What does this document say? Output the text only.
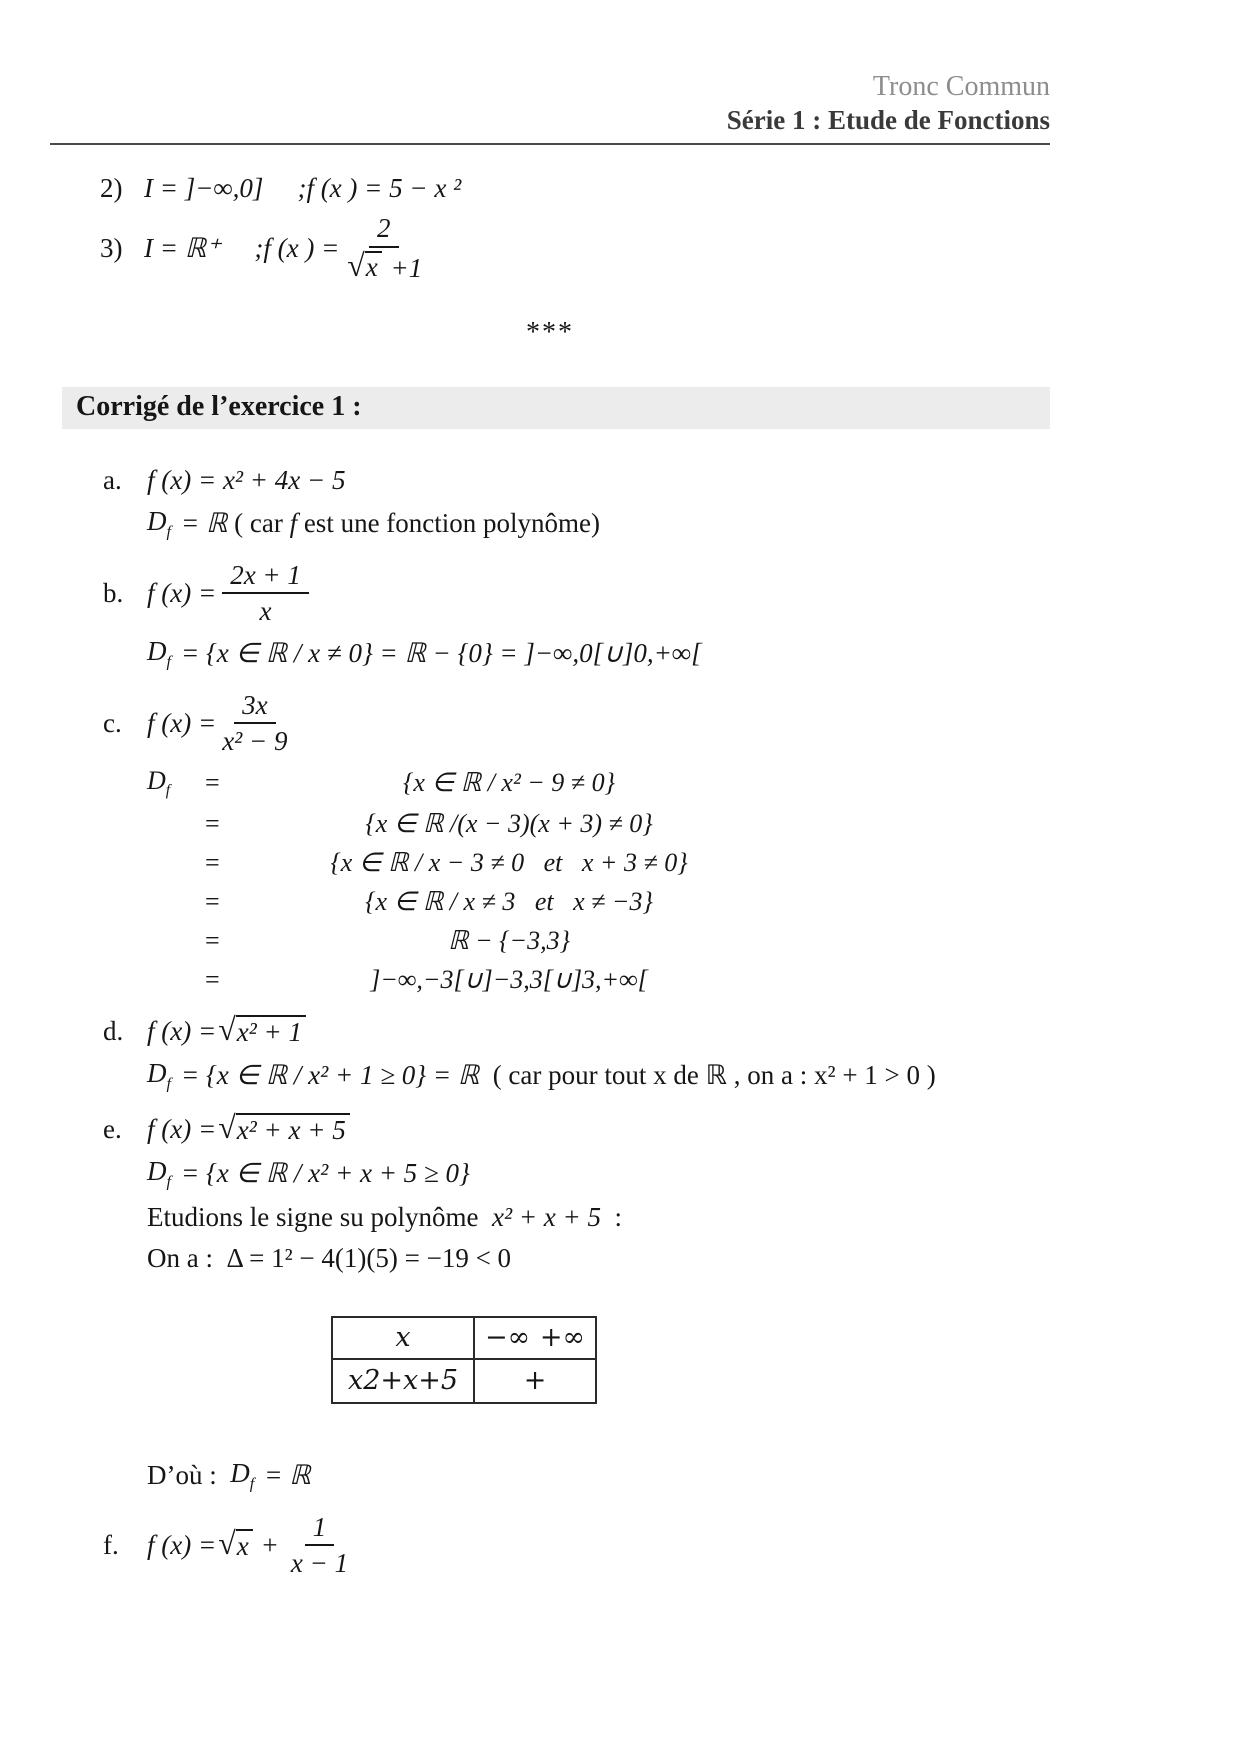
Tronc Commun
Série 1 : Etude de Fonctions
2) I = ]−∞,0] ;f (x ) = 5 − x ²
3) I = ℝ⁺ ;f (x ) = $\frac{2}{√ x +1}$
***
Corrigé de l’exercice 1 :
a. f (x) = x² + 4x − 5
$D_f$ = ℝ ( car f est une fonction polynôme)
b. f $(x) = \frac{2x + 1}{x}$
$D_f = \{x$ ∈ ℝ / x ≠ 0} = ℝ − {0} = ]−∞,0[∪]0,+∞[
c. f $(x) = \frac{3x}{\text{x² − 9}}$
$D_f$	=	{x ∈ ℝ / x² − 9 ≠ 0}
=	{x ∈ ℝ /(x − 3)(x + 3) ≠ 0}
=	{x ∈ ℝ / x − 3 ≠ 0   et   x + 3 ≠ 0}
=	{x ∈ ℝ / x ≠ 3   et   x ≠ −3}
=	ℝ − {−3,3}
=	]−∞,−3[∪]−3,3[∪]3,+∞[
d. f (x) = √ x² + 1
$D_f = \{x$ ∈ ℝ / x² + 1 ≥ 0} = ℝ ( car pour tout x de ℝ , on a : x² + 1 > 0 )
e. f (x) = √ x² + x + 5
$D_f = \{x$ ∈ ℝ / x² + x + 5 ≥ 0}
Etudions le signe su polynôme x² + x + 5 :
On a : Δ = 1² − 4(1)(5) = −19 < 0
x	−∞ +∞
x2+x+5 +
D’où : $D_f$ = ℝ
f.	f (x) = √ $x + \frac{1}{x - 1}$
